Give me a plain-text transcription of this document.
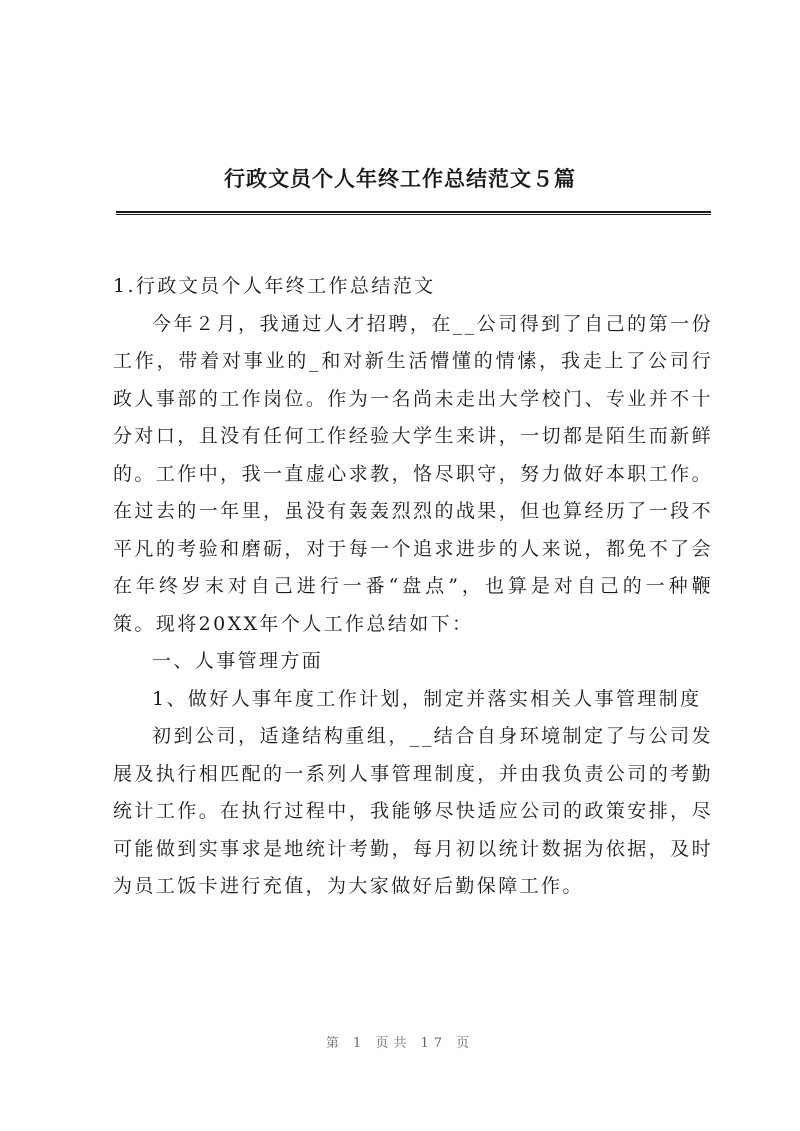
行政文员个人年终工作总结范文５篇

1.行政文员个人年终工作总结范文

今年２月，我通过人才招聘，在__公司得到了自己的第一份工作，带着对事业的_和对新生活懵懂的情愫，我走上了公司行政人事部的工作岗位。作为一名尚未走出大学校门、专业并不十分对口，且没有任何工作经验大学生来讲，一切都是陌生而新鲜的。工作中，我一直虚心求教，恪尽职守，努力做好本职工作。在过去的一年里，虽没有轰轰烈烈的战果，但也算经历了一段不平凡的考验和磨砺，对于每一个追求进步的人来说，都免不了会在年终岁末对自己进行一番“盘点”，也算是对自己的一种鞭策。现将20XX年个人工作总结如下：

一、人事管理方面

1、做好人事年度工作计划，制定并落实相关人事管理制度

初到公司，适逢结构重组，__结合自身环境制定了与公司发展及执行相匹配的一系列人事管理制度，并由我负责公司的考勤统计工作。在执行过程中，我能够尽快适应公司的政策安排，尽可能做到实事求是地统计考勤，每月初以统计数据为依据，及时为员工饭卡进行充值，为大家做好后勤保障工作。

第 1 页共 17 页
